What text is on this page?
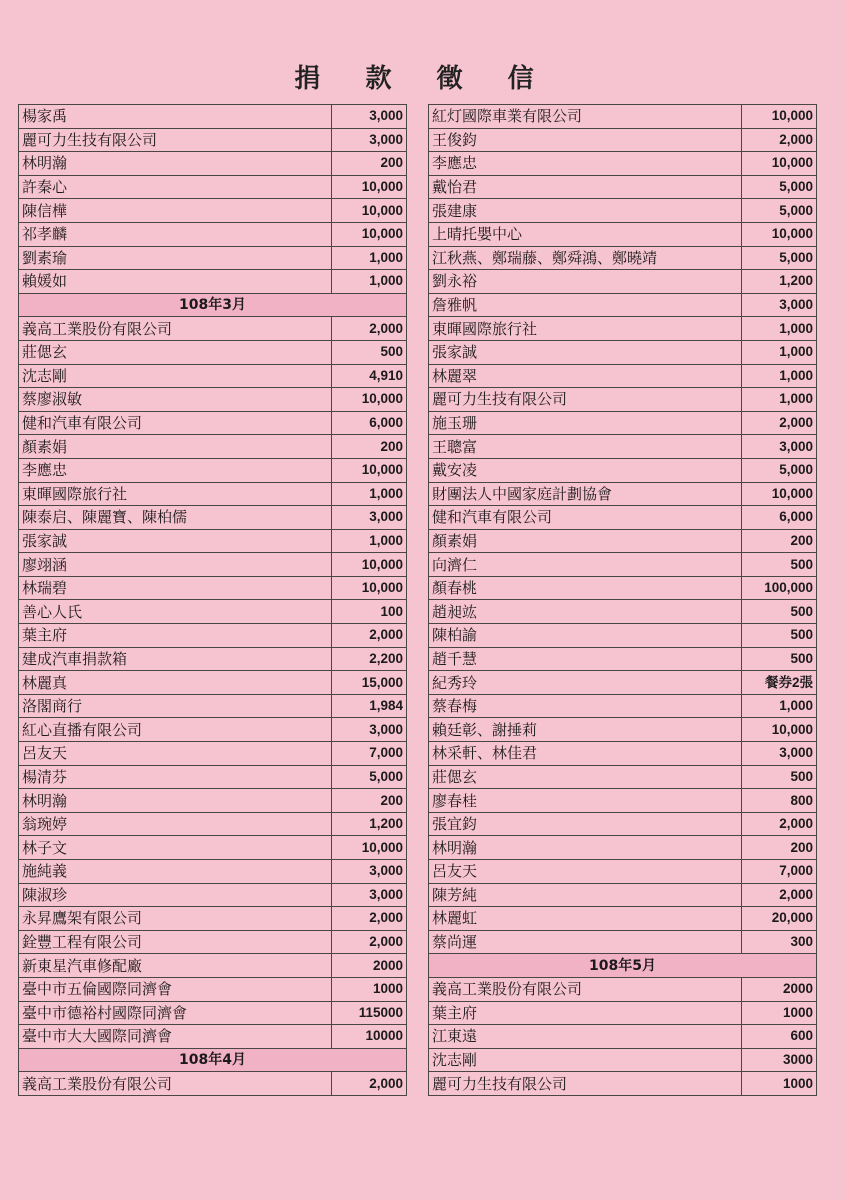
捐 款 徵 信
楊家禹	3,000
麗可力生技有限公司	3,000
林明瀚	200
許秦心	10,000
陳信樺	10,000
祁孝麟	10,000
劉素瑜	1,000
賴媛如	1,000
108年3月	
義高工業股份有限公司	2,000
莊偲玄	500
沈志剛	4,910
蔡廖淑敏	10,000
健和汽車有限公司	6,000
顏素娟	200
李應忠	10,000
東暉國際旅行社	1,000
陳泰启、陳麗寶、陳柏儒	3,000
張家誠	1,000
廖翊涵	10,000
林瑞碧	10,000
善心人氏	100
葉主府	2,000
建成汽車捐款箱	2,200
林麗真	15,000
洛閣商行	1,984
紅心直播有限公司	3,000
呂友天	7,000
楊清芬	5,000
林明瀚	200
翁琬婷	1,200
林子文	10,000
施純義	3,000
陳淑珍	3,000
永昇鷹架有限公司	2,000
銓豐工程有限公司	2,000
新東星汽車修配廠	2000
臺中市五倫國際同濟會	1000
臺中市德裕村國際同濟會	115000
臺中市大大國際同濟會	10000
108年4月	
義高工業股份有限公司	2,000
紅灯國際車業有限公司	10,000
王俊鈞	2,000
李應忠	10,000
戴怡君	5,000
張建康	5,000
上晴托嬰中心	10,000
江秋燕、鄭瑞藤、鄭舜鴻、鄭曉靖	5,000
劉永裕	1,200
詹雅帆	3,000
東暉國際旅行社	1,000
張家誠	1,000
林麗翠	1,000
麗可力生技有限公司	1,000
施玉珊	2,000
王聰富	3,000
戴安凌	5,000
財團法人中國家庭計劃協會	10,000
健和汽車有限公司	6,000
顏素娟	200
向濟仁	500
顏春桃	100,000
趙昶竑	500
陳柏諭	500
趙千慧	500
紀秀玲	餐券2張
蔡春梅	1,000
賴廷彰、謝捶莉	10,000
林采軒、林佳君	3,000
莊偲玄	500
廖春桂	800
張宜鈞	2,000
林明瀚	200
呂友天	7,000
陳芳純	2,000
林麗虹	20,000
蔡尚運	300
108年5月	
義高工業股份有限公司	2000
葉主府	1000
江東遠	600
沈志剛	3000
麗可力生技有限公司	1000
